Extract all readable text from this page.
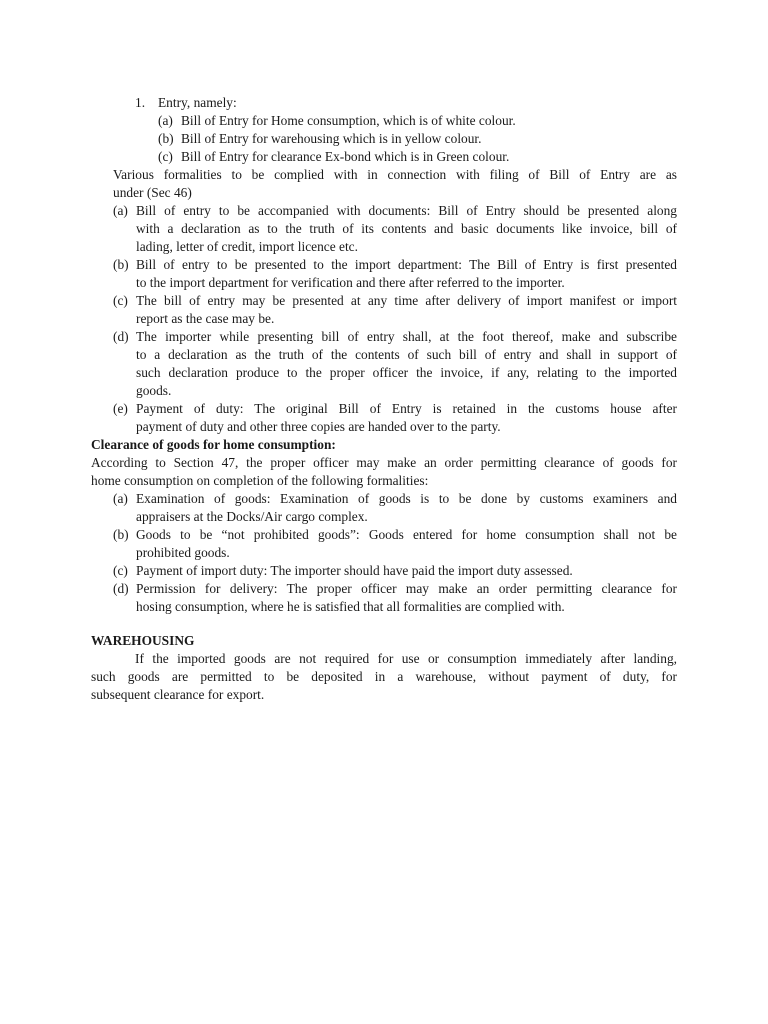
1. Entry, namely:
(a) Bill of Entry for Home consumption, which is of white colour.
(b) Bill of Entry for warehousing which is in yellow colour.
(c) Bill of Entry for clearance Ex-bond which is in Green colour.
Various formalities to be complied with in connection with filing of Bill of Entry are as
under (Sec 46)
(a) Bill of entry to be accompanied with documents: Bill of Entry should be presented along
with a declaration as to the truth of its contents and basic documents like invoice, bill of
lading, letter of credit, import licence etc.
(b) Bill of entry to be presented to the import department: The Bill of Entry is first presented
to the import department for verification and there after referred to the importer.
(c) The bill of entry may be presented at any time after delivery of import manifest or import
report as the case may be.
(d) The importer while presenting bill of entry shall, at the foot thereof, make and subscribe
to a declaration as the truth of the contents of such bill of entry and shall in support of
such declaration produce to the proper officer the invoice, if any, relating to the imported
goods.
(e) Payment of duty: The original Bill of Entry is retained in the customs house after
payment of duty and other three copies are handed over to the party.
Clearance of goods for home consumption:
According to Section 47, the proper officer may make an order permitting clearance of goods for
home consumption on completion of the following formalities:
(a) Examination of goods: Examination of goods is to be done by customs examiners and
appraisers at the Docks/Air cargo complex.
(b) Goods to be “not prohibited goods”: Goods entered for home consumption shall not be
prohibited goods.
(c) Payment of import duty: The importer should have paid the import duty assessed.
(d) Permission for delivery: The proper officer may make an order permitting clearance for
hosing consumption, where he is satisfied that all formalities are complied with.
WAREHOUSING
If the imported goods are not required for use or consumption immediately after landing,
such goods are permitted to be deposited in a warehouse, without payment of duty, for
subsequent clearance for export.
